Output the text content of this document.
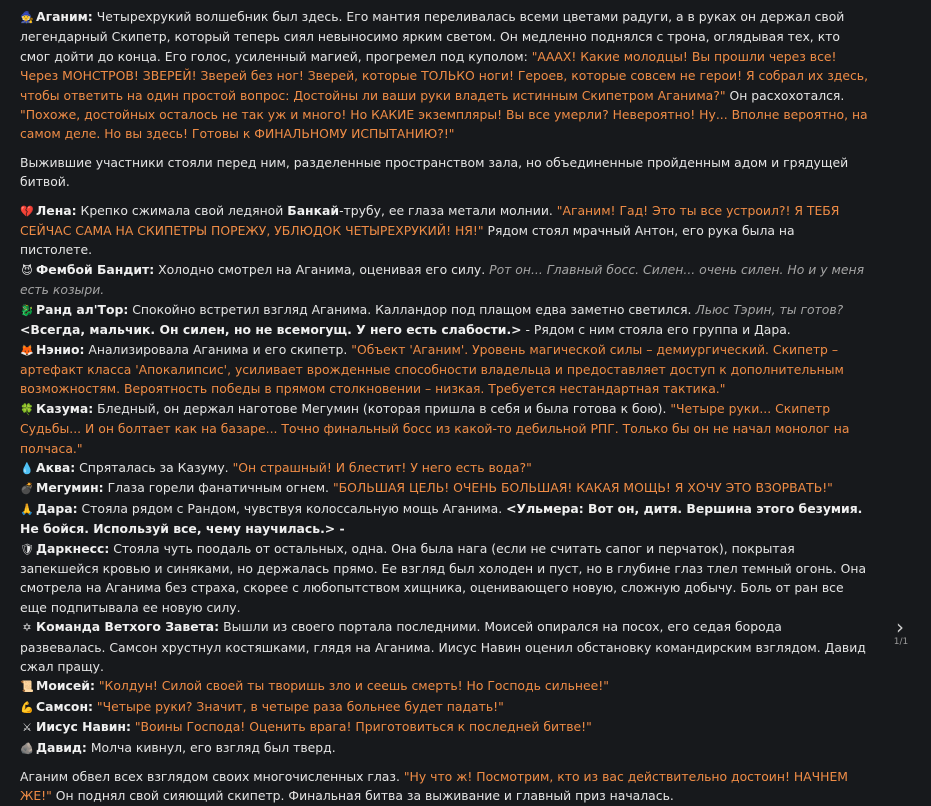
🧙 Аганим: Четырехрукий волшебник был здесь. Его мантия переливалась всеми цветами радуги, а в руках он держал свой легендарный Скипетр, который теперь сиял невыносимо ярким светом. Он медленно поднялся с трона, оглядывая тех, кто смог дойти до конца. Его голос, усиленный магией, прогремел под куполом: "АААХ! Какие молодцы! Вы прошли через все! Через МОНСТРОВ! ЗВЕРЕЙ! Зверей без ног! Зверей, которые ТОЛЬКО ноги! Героев, которые совсем не герои! Я собрал их здесь, чтобы ответить на один простой вопрос: Достойны ли ваши руки владеть истинным Скипетром Аганима?" Он расхохотался. "Похоже, достойных осталось не так уж и много! Но КАКИЕ экземпляры! Вы все умерли? Невероятно! Ну... Вполне вероятно, на самом деле. Но вы здесь! Готовы к ФИНАЛЬНОМУ ИСПЫТАНИЮ?!"

Выжившие участники стояли перед ним, разделенные пространством зала, но объединенные пройденным адом и грядущей битвой.

💔 Лена: Крепко сжимала свой ледяной Банкай-трубу, ее глаза метали молнии. "Аганим! Гад! Это ты все устроил?! Я ТЕБЯ СЕЙЧАС САМА НА СКИПЕТРЫ ПОРЕЖУ, УБЛЮДОК ЧЕТЫРЕХРУКИЙ! НЯ!" Рядом стоял мрачный Антон, его рука была на пистолете.

😈 Фембой Бандит: Холодно смотрел на Аганима, оценивая его силу. Рот он... Главный босс. Силен... очень силен. Но и у меня есть козыри.

🐉 Ранд ал'Тор: Спокойно встретил взгляд Аганима. Калландор под плащом едва заметно светился. Льюс Тэрин, ты готов? <Всегда, мальчик. Он силен, но не всемогущ. У него есть слабости.> - Рядом с ним стояла его группа и Дара.

🦊 Нэнио: Анализировала Аганима и его скипетр. "Объект 'Аганим'. Уровень магической силы – демиургический. Скипетр – артефакт класса 'Апокалипсис', усиливает врожденные способности владельца и предоставляет доступ к дополнительным возможностям. Вероятность победы в прямом столкновении – низкая. Требуется нестандартная тактика."

🍀 Казума: Бледный, он держал наготове Мегумин (которая пришла в себя и была готова к бою). "Четыре руки... Скипетр Судьбы... И он болтает как на базаре... Точно финальный босс из какой-то дебильной РПГ. Только бы он не начал монолог на полчаса."

💧 Аква: Спряталась за Казуму. "Он страшный! И блестит! У него есть вода?"

💣 Мегумин: Глаза горели фанатичным огнем. "БОЛЬШАЯ ЦЕЛЬ! ОЧЕНЬ БОЛЬШАЯ! КАКАЯ МОЩЬ! Я ХОЧУ ЭТО ВЗОРВАТЬ!"

🙏 Дара: Стояла рядом с Рандом, чувствуя колоссальную мощь Аганима. <Ульмера: Вот он, дитя. Вершина этого безумия. Не бойся. Используй все, чему научилась.> -

🛡 Даркнесс: Стояла чуть поодаль от остальных, одна. Она была нага (если не считать сапог и перчаток), покрытая запекшейся кровью и синяками, но держалась прямо. Ее взгляд был холоден и пуст, но в глубине глаз тлел темный огонь. Она смотрела на Аганима без страха, скорее с любопытством хищника, оценивающего новую, сложную добычу. Боль от ран все еще подпитывала ее новую силу.

✡ Команда Ветхого Завета: Вышли из своего портала последними. Моисей опирался на посох, его седая борода развевалась. Самсон хрустнул костяшками, глядя на Аганима. Иисус Навин оценил обстановку командирским взглядом. Давид сжал пращу.

📜 Моисей: "Колдун! Силой своей ты творишь зло и сеешь смерть! Но Господь сильнее!"

💪 Самсон: "Четыре руки? Значит, в четыре раза больнее будет падать!"

⚔ Иисус Навин: "Воины Господа! Оценить врага! Приготовиться к последней битве!"

🪨 Давид: Молча кивнул, его взгляд был тверд.

Аганим обвел всех взглядом своих многочисленных глаз. "Ну что ж! Посмотрим, кто из вас действительно достоин! НАЧНЕМ ЖЕ!" Он поднял свой сияющий скипетр. Финальная битва за выживание и главный приз началась.

›
1/1
